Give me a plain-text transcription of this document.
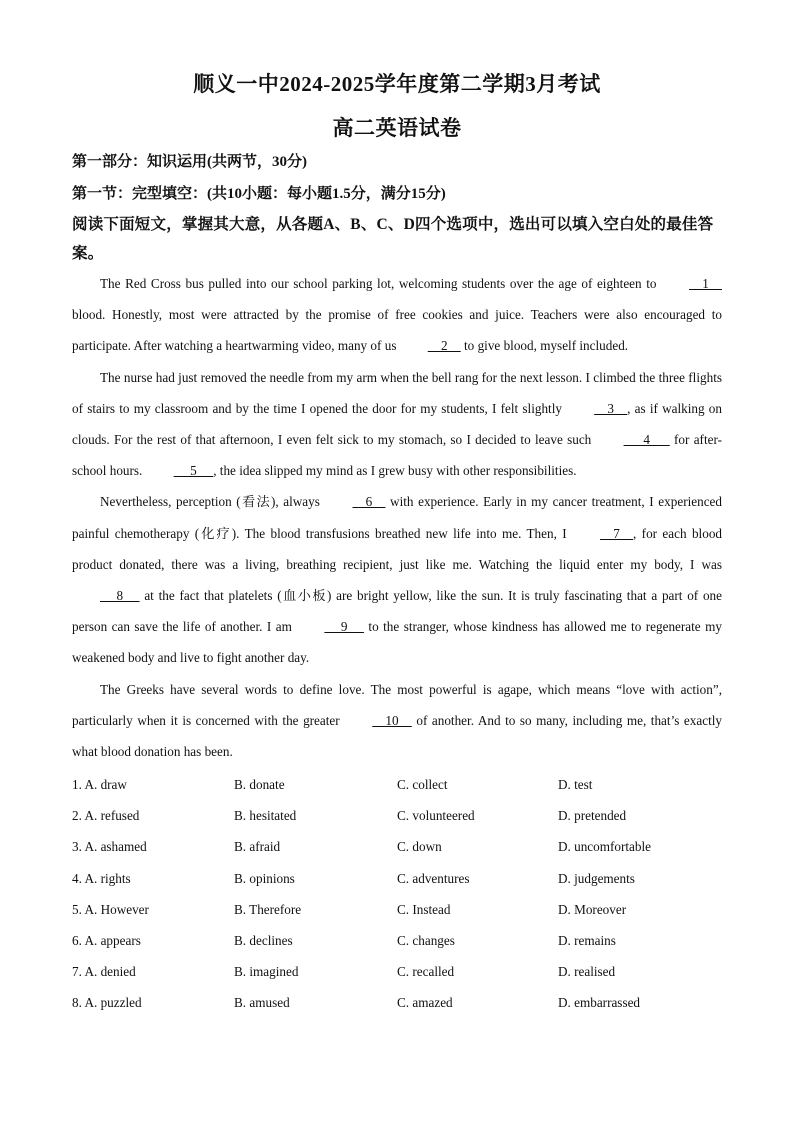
顺义一中2024-2025学年度第二学期3月考试
高二英语试卷
第一部分：知识运用(共两节，30分)
第一节：完型填空：(共10小题：每小题1.5分，满分15分)
阅读下面短文，掌握其大意，从各题A、B、C、D四个选项中，选出可以填入空白处的最佳答案。

The Red Cross bus pulled into our school parking lot, welcoming students over the age of eighteen to     1     blood. Honestly, most were attracted by the promise of free cookies and juice. Teachers were also encouraged to participate. After watching a heartwarming video, many of us     2     to give blood, myself included.

The nurse had just removed the needle from my arm when the bell rang for the next lesson. I climbed the three flights of stairs to my classroom and by the time I opened the door for my students, I felt slightly     3    , as if walking on clouds. For the rest of that afternoon, I even felt sick to my stomach, so I decided to leave such       4       for after-school hours.      5     , the idea slipped my mind as I grew busy with other responsibilities.

Nevertheless, perception (看法), always     6     with experience. Early in my cancer treatment, I experienced painful chemotherapy (化疗). The blood transfusions breathed new life into me. Then, I     7    , for each blood product donated, there was a living, breathing recipient, just like me. Watching the liquid enter my body, I was      8      at the fact that platelets (血小板) are bright yellow, like the sun. It is truly fascinating that a part of one person can save the life of another. I am      9      to the stranger, whose kindness has allowed me to regenerate my weakened body and live to fight another day.

The Greeks have several words to define love. The most powerful is agape, which means “love with action”, particularly when it is concerned with the greater     10     of another. And to so many, including me, that’s exactly what blood donation has been.

1. A. draw	B. donate	C. collect	D. test
2. A. refused	B. hesitated	C. volunteered	D. pretended
3. A. ashamed	B. afraid	C. down	D. uncomfortable
4. A. rights	B. opinions	C. adventures	D. judgements
5. A. However	B. Therefore	C. Instead	D. Moreover
6. A. appears	B. declines	C. changes	D. remains
7. A. denied	B. imagined	C. recalled	D. realised
8. A. puzzled	B. amused	C. amazed	D. embarrassed
